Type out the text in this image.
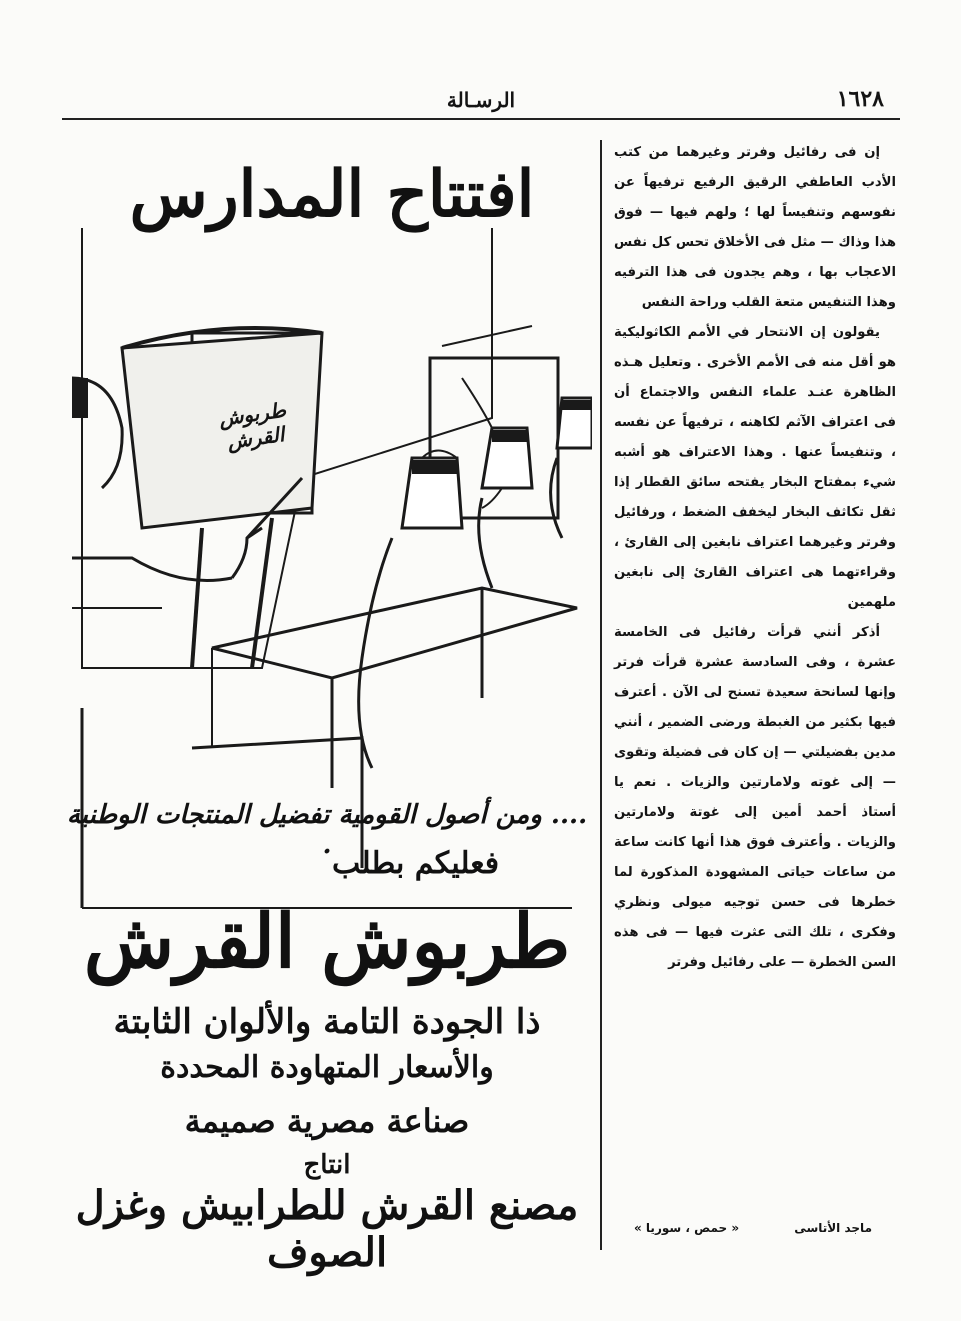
١٦٢٨
الرسـالة

إن فى رفائيل وفرتر وغيرهما من كتب الأدب العاطفي الرقيق الرفيع ترفيهاً عن نفوسهم وتنفيساً لها ؛ ولهم فيها — فوق هذا وذاك — مثل فى الأخلاق تحس كل نفس الاعجاب بها ، وهم يجدون فى هذا الترفيه وهذا التنفيس متعة القلب وراحة النفس

يقولون إن الانتحار في الأمم الكاثوليكية هو أقل منه فى الأمم الأخرى . وتعليل هـذه الظاهرة عنـد علماء النفس والاجتماع أن فى اعتراف الآثم لكاهنه ، ترفيهاً عن نفسه ، وتنفيساً عنها . وهذا الاعتراف هو أشبه شيء بمفتاح البخار يفتحه سائق القطار إذا ثقل تكاثف البخار ليخفف الضغط ، ورفائيل وفرتر وغيرهما اعتراف نابغين إلى القارئ ، وقراءتهما هى اعتراف القارئ إلى نابغين ملهمين

أذكر أنني قرأت رفائيل فى الخامسة عشرة ، وفى السادسة عشرة قرأت فرتر وإنها لسانحة سعيدة تسنح لى الآن . أعترف فيها بكثير من الغبطة ورضى الضمير ، أنني مدين بفضيلتي — إن كان فى فضيلة وتقوى — إلى غوته ولامارتين والزيات . نعم يا أستاذ أحمد أمين إلى غوتة ولامارتين والزيات . وأعترف فوق هذا أنها كانت ساعة من ساعات حياتى المشهودة المذكورة لما خطرها فى حسن توجيه ميولى ونظري وفكرى ، تلك التى عثرت فيها — فى هذه السن الخطرة — على رفائيل وفرتر

ماجد الأتاسى
« حمص ، سوريا »
افتتاح المدارس
طربوش القرش
.... ومن أصول القومية تفضيل المنتجات الوطنية .
فعليكم بطلب
طربوش القرش
ذا الجودة التامة والألوان الثابتة
والأسعار المتهاودة المحددة
صناعة مصرية صميمة
انتاج
مصنع القرش للطرابيش وغزل الصوف
